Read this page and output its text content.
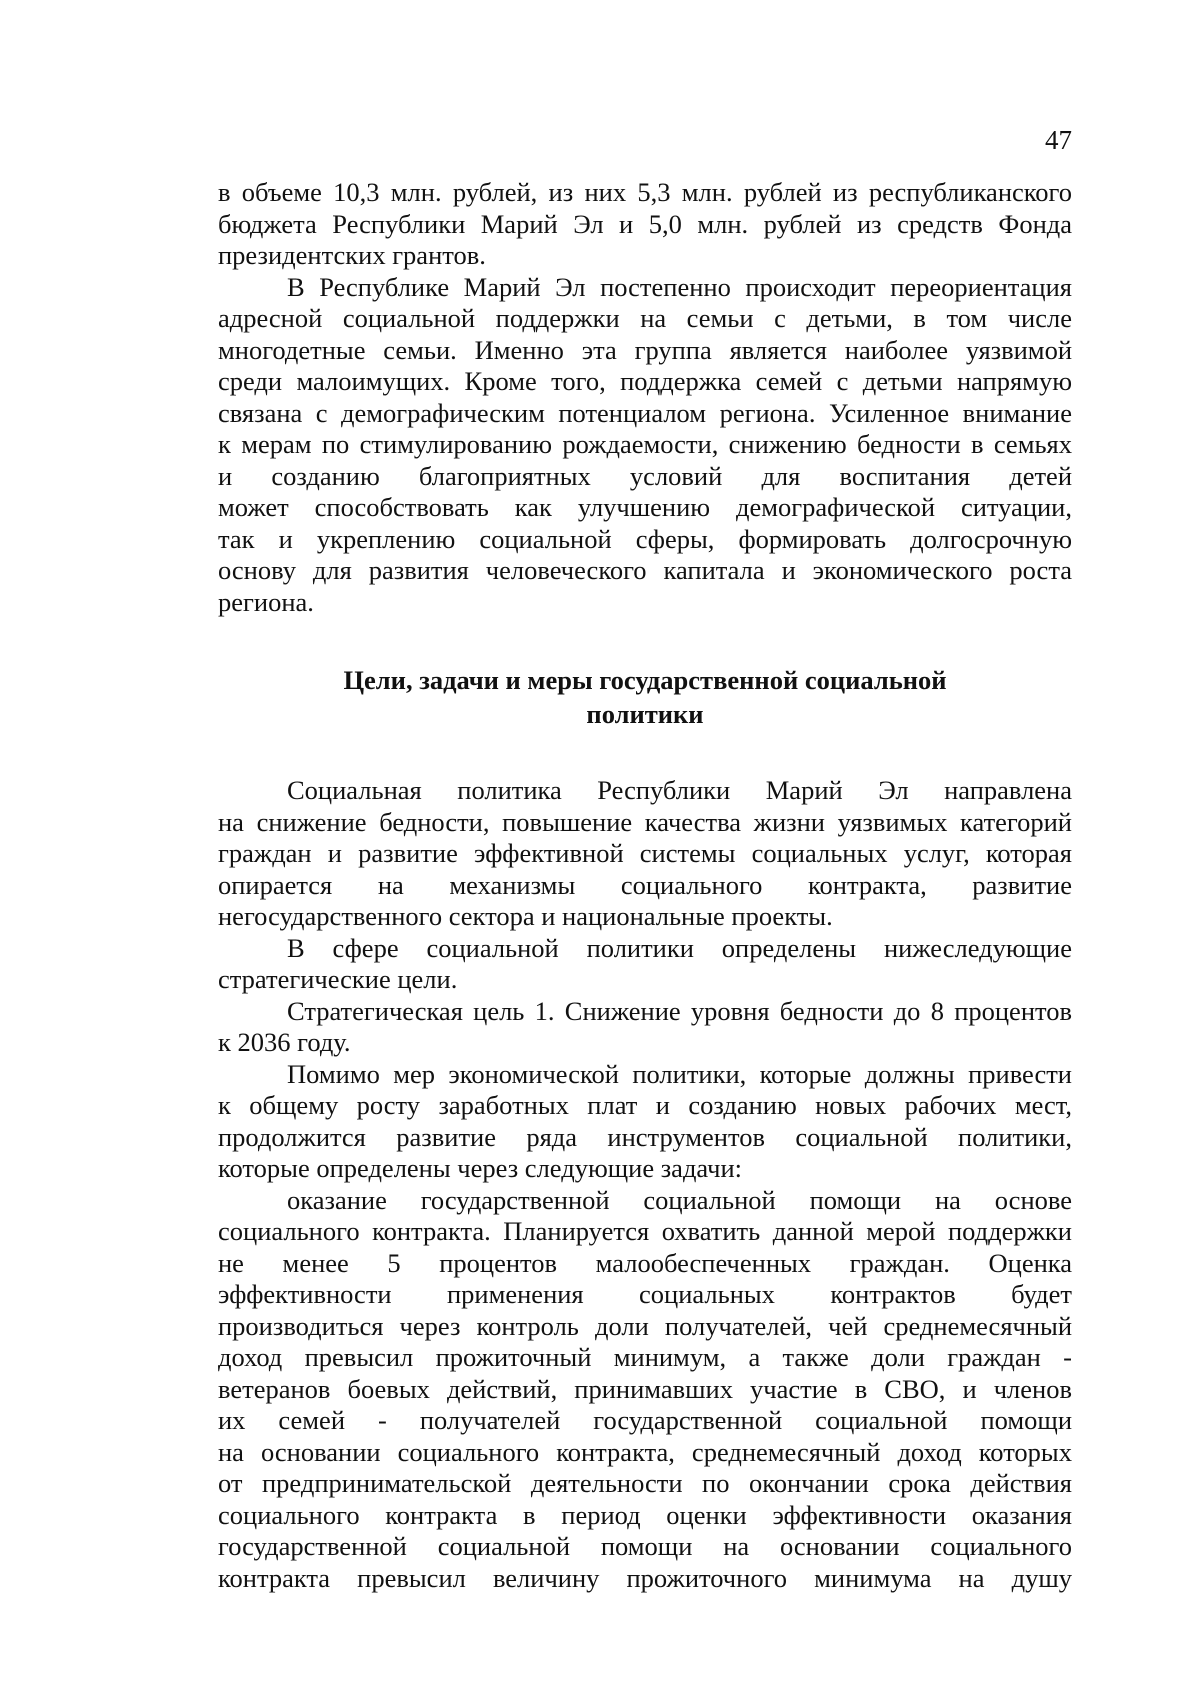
47

в объеме 10,3 млн. рублей, из них 5,3 млн. рублей из республиканского
бюджета Республики Марий Эл и 5,0 млн. рублей из средств Фонда
президентских грантов.

В Республике Марий Эл постепенно происходит переориентация
адресной социальной поддержки на семьи с детьми, в том числе
многодетные семьи. Именно эта группа является наиболее уязвимой
среди малоимущих. Кроме того, поддержка семей с детьми напрямую
связана с демографическим потенциалом региона. Усиленное внимание
к мерам по стимулированию рождаемости, снижению бедности в семьях
и созданию благоприятных условий для воспитания детей
может способствовать как улучшению демографической ситуации,
так и укреплению социальной сферы, формировать долгосрочную
основу для развития человеческого капитала и экономического роста
региона.

Цели, задачи и меры государственной социальной
политики

Социальная политика Республики Марий Эл направлена
на снижение бедности, повышение качества жизни уязвимых категорий
граждан и развитие эффективной системы социальных услуг, которая
опирается на механизмы социального контракта, развитие
негосударственного сектора и национальные проекты.

В сфере социальной политики определены нижеследующие
стратегические цели.

Стратегическая цель 1. Снижение уровня бедности до 8 процентов
к 2036 году.

Помимо мер экономической политики, которые должны привести
к общему росту заработных плат и созданию новых рабочих мест,
продолжится развитие ряда инструментов социальной политики,
которые определены через следующие задачи:

оказание государственной социальной помощи на основе
социального контракта. Планируется охватить данной мерой поддержки
не менее 5 процентов малообеспеченных граждан. Оценка
эффективности применения социальных контрактов будет
производиться через контроль доли получателей, чей среднемесячный
доход превысил прожиточный минимум, а также доли граждан -
ветеранов боевых действий, принимавших участие в СВО, и членов
их семей - получателей государственной социальной помощи
на основании социального контракта, среднемесячный доход которых
от предпринимательской деятельности по окончании срока действия
социального контракта в период оценки эффективности оказания
государственной социальной помощи на основании социального
контракта превысил величину прожиточного минимума на душу
